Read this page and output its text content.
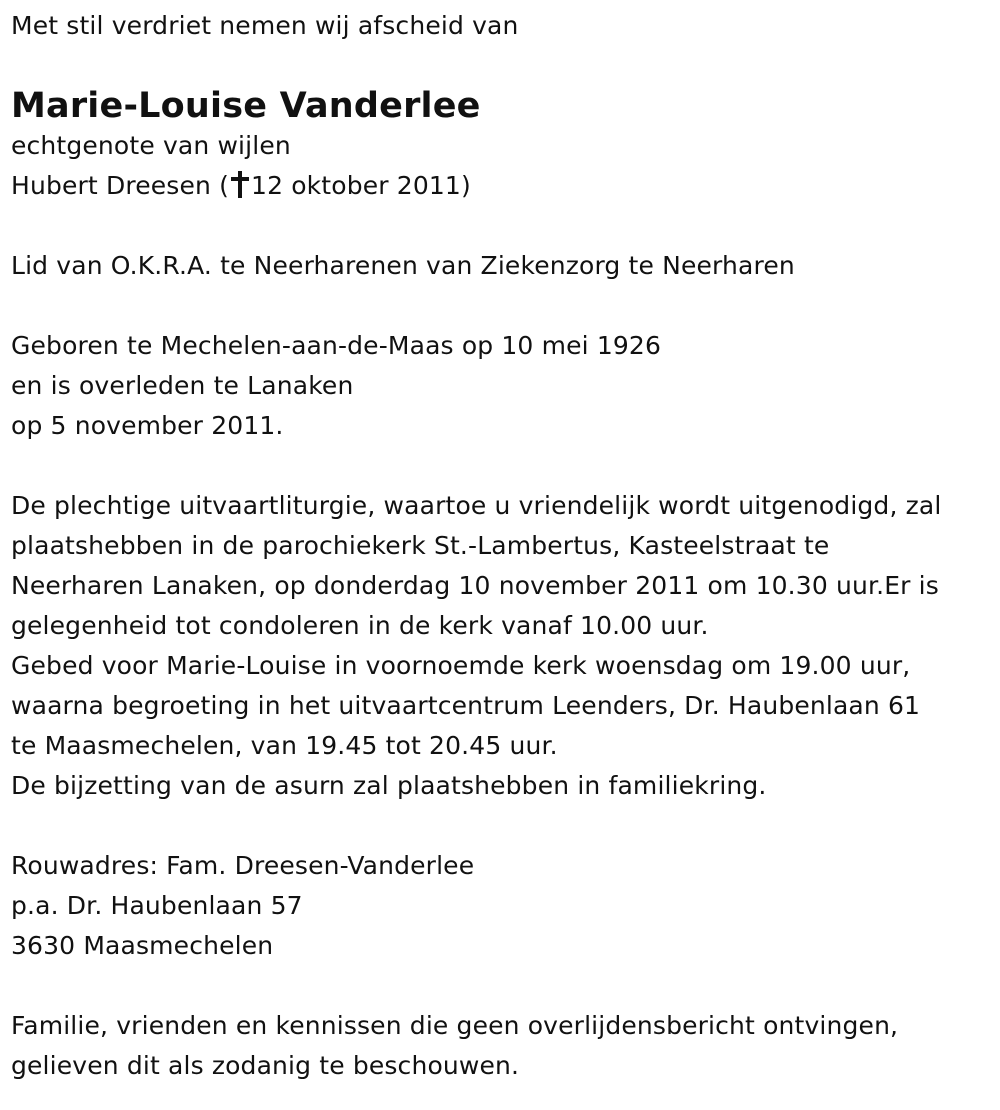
Met stil verdriet nemen wij afscheid van
Marie-Louise Vanderlee
echtgenote van wijlen
Hubert Dreesen ( 12 oktober 2011)
Lid van O.K.R.A. te Neerharenen van Ziekenzorg te Neerharen
Geboren te Mechelen-aan-de-Maas op 10 mei 1926
en is overleden te Lanaken
op 5 november 2011.
De plechtige uitvaartliturgie, waartoe u vriendelijk wordt uitgenodigd, zal
plaatshebben in de parochiekerk St.-Lambertus, Kasteelstraat te
Neerharen Lanaken, op donderdag 10 november 2011 om 10.30 uur.Er is
gelegenheid tot condoleren in de kerk vanaf 10.00 uur.
Gebed voor Marie-Louise in voornoemde kerk woensdag om 19.00 uur,
waarna begroeting in het uitvaartcentrum Leenders, Dr. Haubenlaan 61
te Maasmechelen, van 19.45 tot 20.45 uur.
De bijzetting van de asurn zal plaatshebben in familiekring.
Rouwadres: Fam. Dreesen-Vanderlee
p.a. Dr. Haubenlaan 57
3630 Maasmechelen
Familie, vrienden en kennissen die geen overlijdensbericht ontvingen,
gelieven dit als zodanig te beschouwen.
